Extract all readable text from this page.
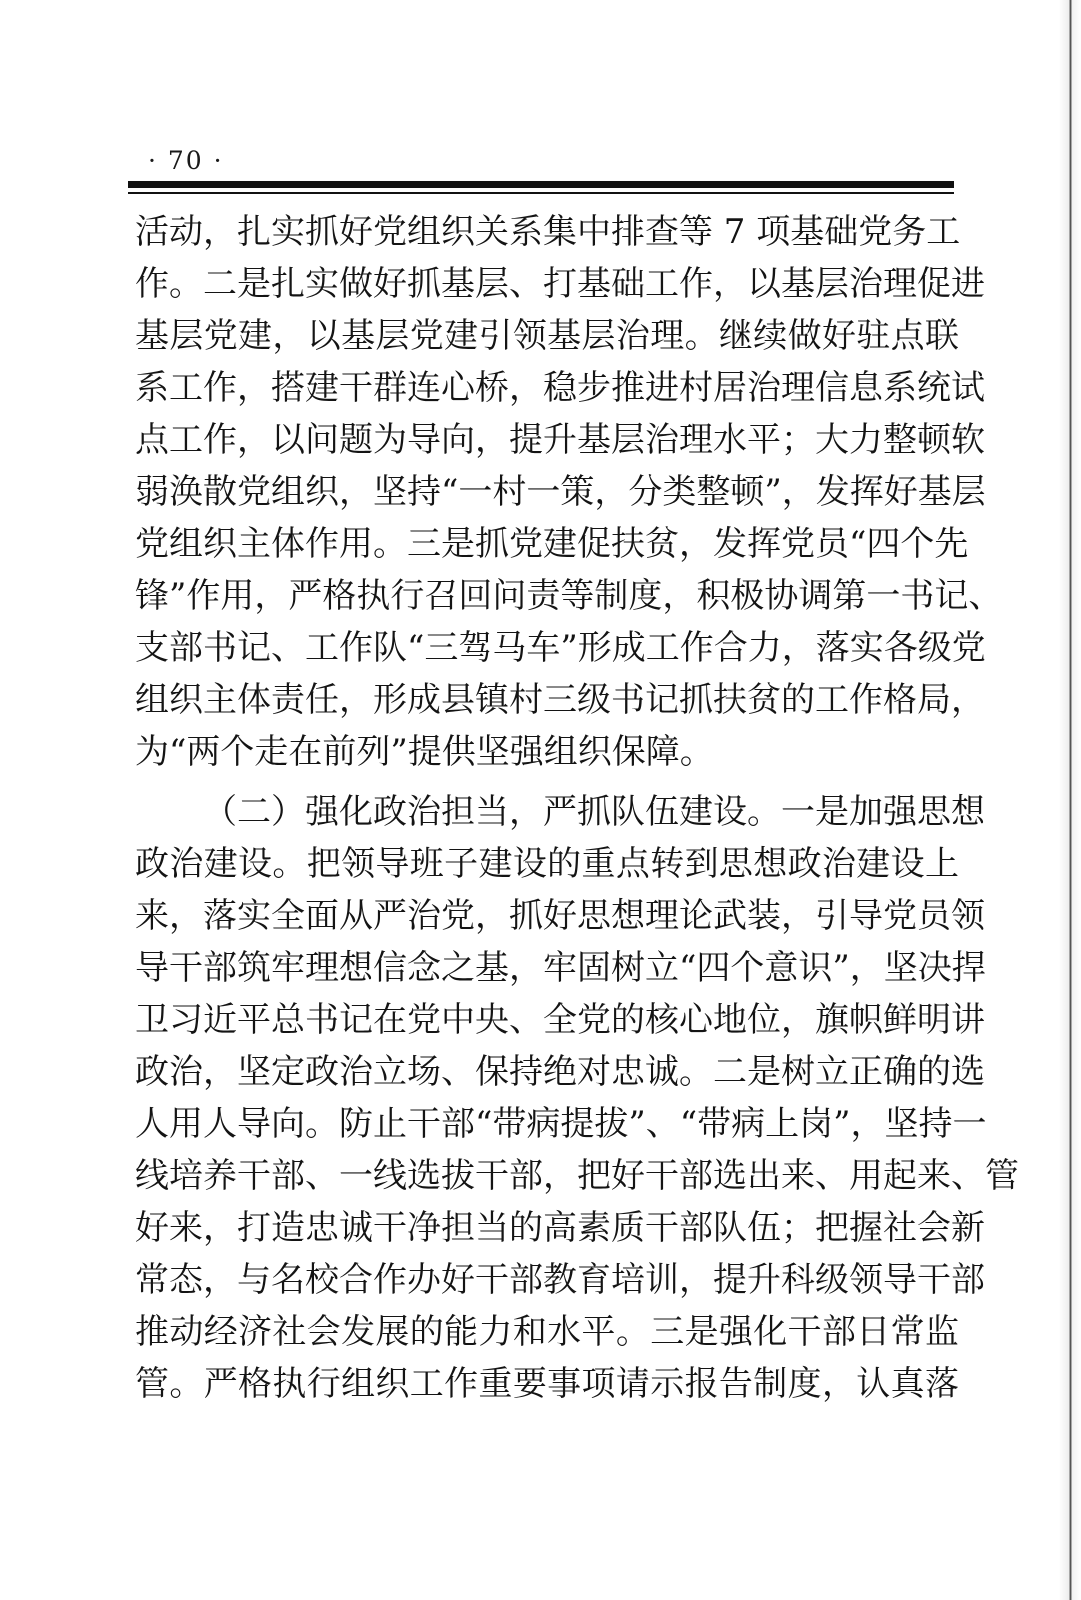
· 70 ·
活动，扎实抓好党组织关系集中排查等 7 项基础党务工
作。二是扎实做好抓基层、打基础工作，以基层治理促进
基层党建，以基层党建引领基层治理。继续做好驻点联
系工作，搭建干群连心桥，稳步推进村居治理信息系统试
点工作，以问题为导向，提升基层治理水平；大力整顿软
弱涣散党组织，坚持“一村一策，分类整顿”，发挥好基层
党组织主体作用。三是抓党建促扶贫，发挥党员“四个先
锋”作用，严格执行召回问责等制度，积极协调第一书记、
支部书记、工作队“三驾马车”形成工作合力，落实各级党
组织主体责任，形成县镇村三级书记抓扶贫的工作格局，
为“两个走在前列”提供坚强组织保障。
（二）强化政治担当，严抓队伍建设。一是加强思想
政治建设。把领导班子建设的重点转到思想政治建设上
来，落实全面从严治党，抓好思想理论武装，引导党员领
导干部筑牢理想信念之基，牢固树立“四个意识”，坚决捍
卫习近平总书记在党中央、全党的核心地位，旗帜鲜明讲
政治，坚定政治立场、保持绝对忠诚。二是树立正确的选
人用人导向。防止干部“带病提拔”、“带病上岗”，坚持一
线培养干部、一线选拔干部，把好干部选出来、用起来、管
好来，打造忠诚干净担当的高素质干部队伍；把握社会新
常态，与名校合作办好干部教育培训，提升科级领导干部
推动经济社会发展的能力和水平。三是强化干部日常监
管。严格执行组织工作重要事项请示报告制度，认真落
